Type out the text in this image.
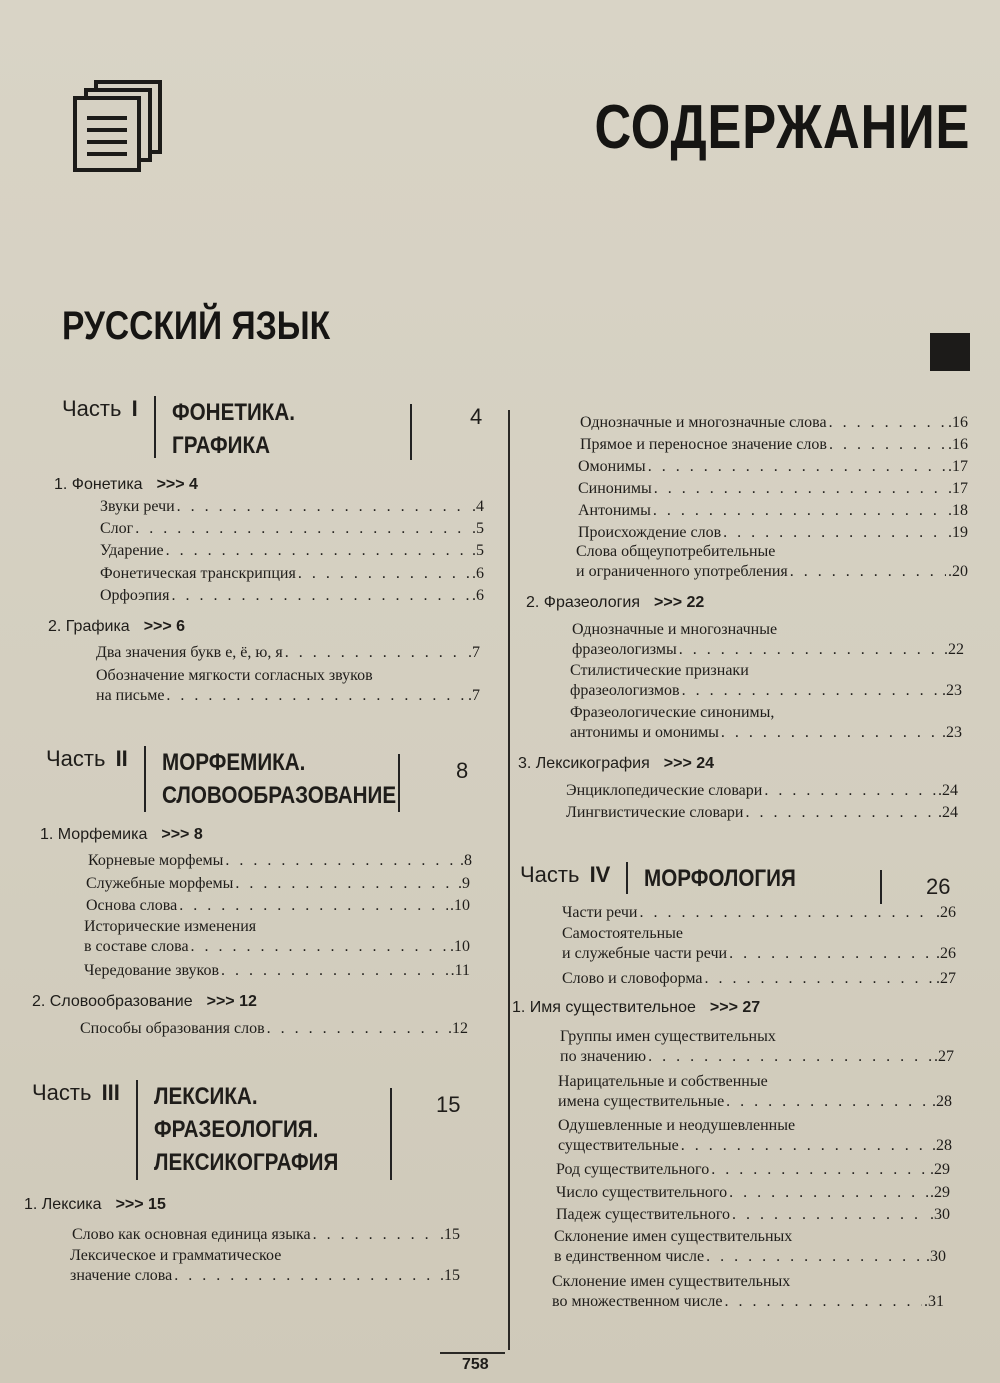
СОДЕРЖАНИЕ
РУССКИЙ ЯЗЫК
758
Часть I ФОНЕТИКА.
ГРАФИКА
4
1. Фонетика >>> 4
Звуки речи . . .	.4
Слог . . .	.5
Ударение . . .	.5
Фонетическая транскрипция . . .	.6
Орфоэпия . . .	.6
2. Графика >>> 6
Два значения букв е, ё, ю, я . . .	.7
Обозначение мягкости согласных звуков
на письме . . .	.7
Часть II МОРФЕМИКА.
СЛОВООБРАЗОВАНИЕ
8
1. Морфемика >>> 8
Корневые морфемы . . .	.8
Служебные морфемы . . .	.9
Основа слова . . .	.10
Исторические изменения
в составе слова . . .	.10
Чередование звуков . . .	.11
2. Словообразование >>> 12
Способы образования слов . . .	.12
Часть III ЛЕКСИКА.
ФРАЗЕОЛОГИЯ.
ЛЕКСИКОГРАФИЯ
15
1. Лексика >>> 15
Слово как основная единица языка . . .	.15
Лексическое и грамматическое
значение слова . . .	.15
Однозначные и многозначные слова . . .	.16
Прямое и переносное значение слов . . .	.16
Омонимы . . .	.17
Синонимы . . .	.17
Антонимы . . .	.18
Происхождение слов . . .	.19
Слова общеупотребительные
и ограниченного употребления . . .	.20
2. Фразеология >>> 22
Однозначные и многозначные
фразеологизмы . . .	.22
Стилистические признаки
фразеологизмов . . .	.23
Фразеологические синонимы,
антонимы и омонимы . . .	.23
3. Лексикография >>> 24
Энциклопедические словари . . .	.24
Лингвистические словари . . .	.24
Часть IV МОРФОЛОГИЯ	26
Части речи . . .	.26
Самостоятельные
и служебные части речи . . .	.26
Слово и словоформа . . .	.27
1. Имя существительное >>> 27
Группы имен существительных
по значению . . .	.27
Нарицательные и собственные
имена существительные . . .	.28
Одушевленные и неодушевленные
существительные . . .	.28
Род существительного . . .	.29
Число существительного . . .	.29
Падеж существительного . . .	.30
Склонение имен существительных
в единственном числе . . .	.30
Склонение имен существительных
во множественном числе . . .	.31
